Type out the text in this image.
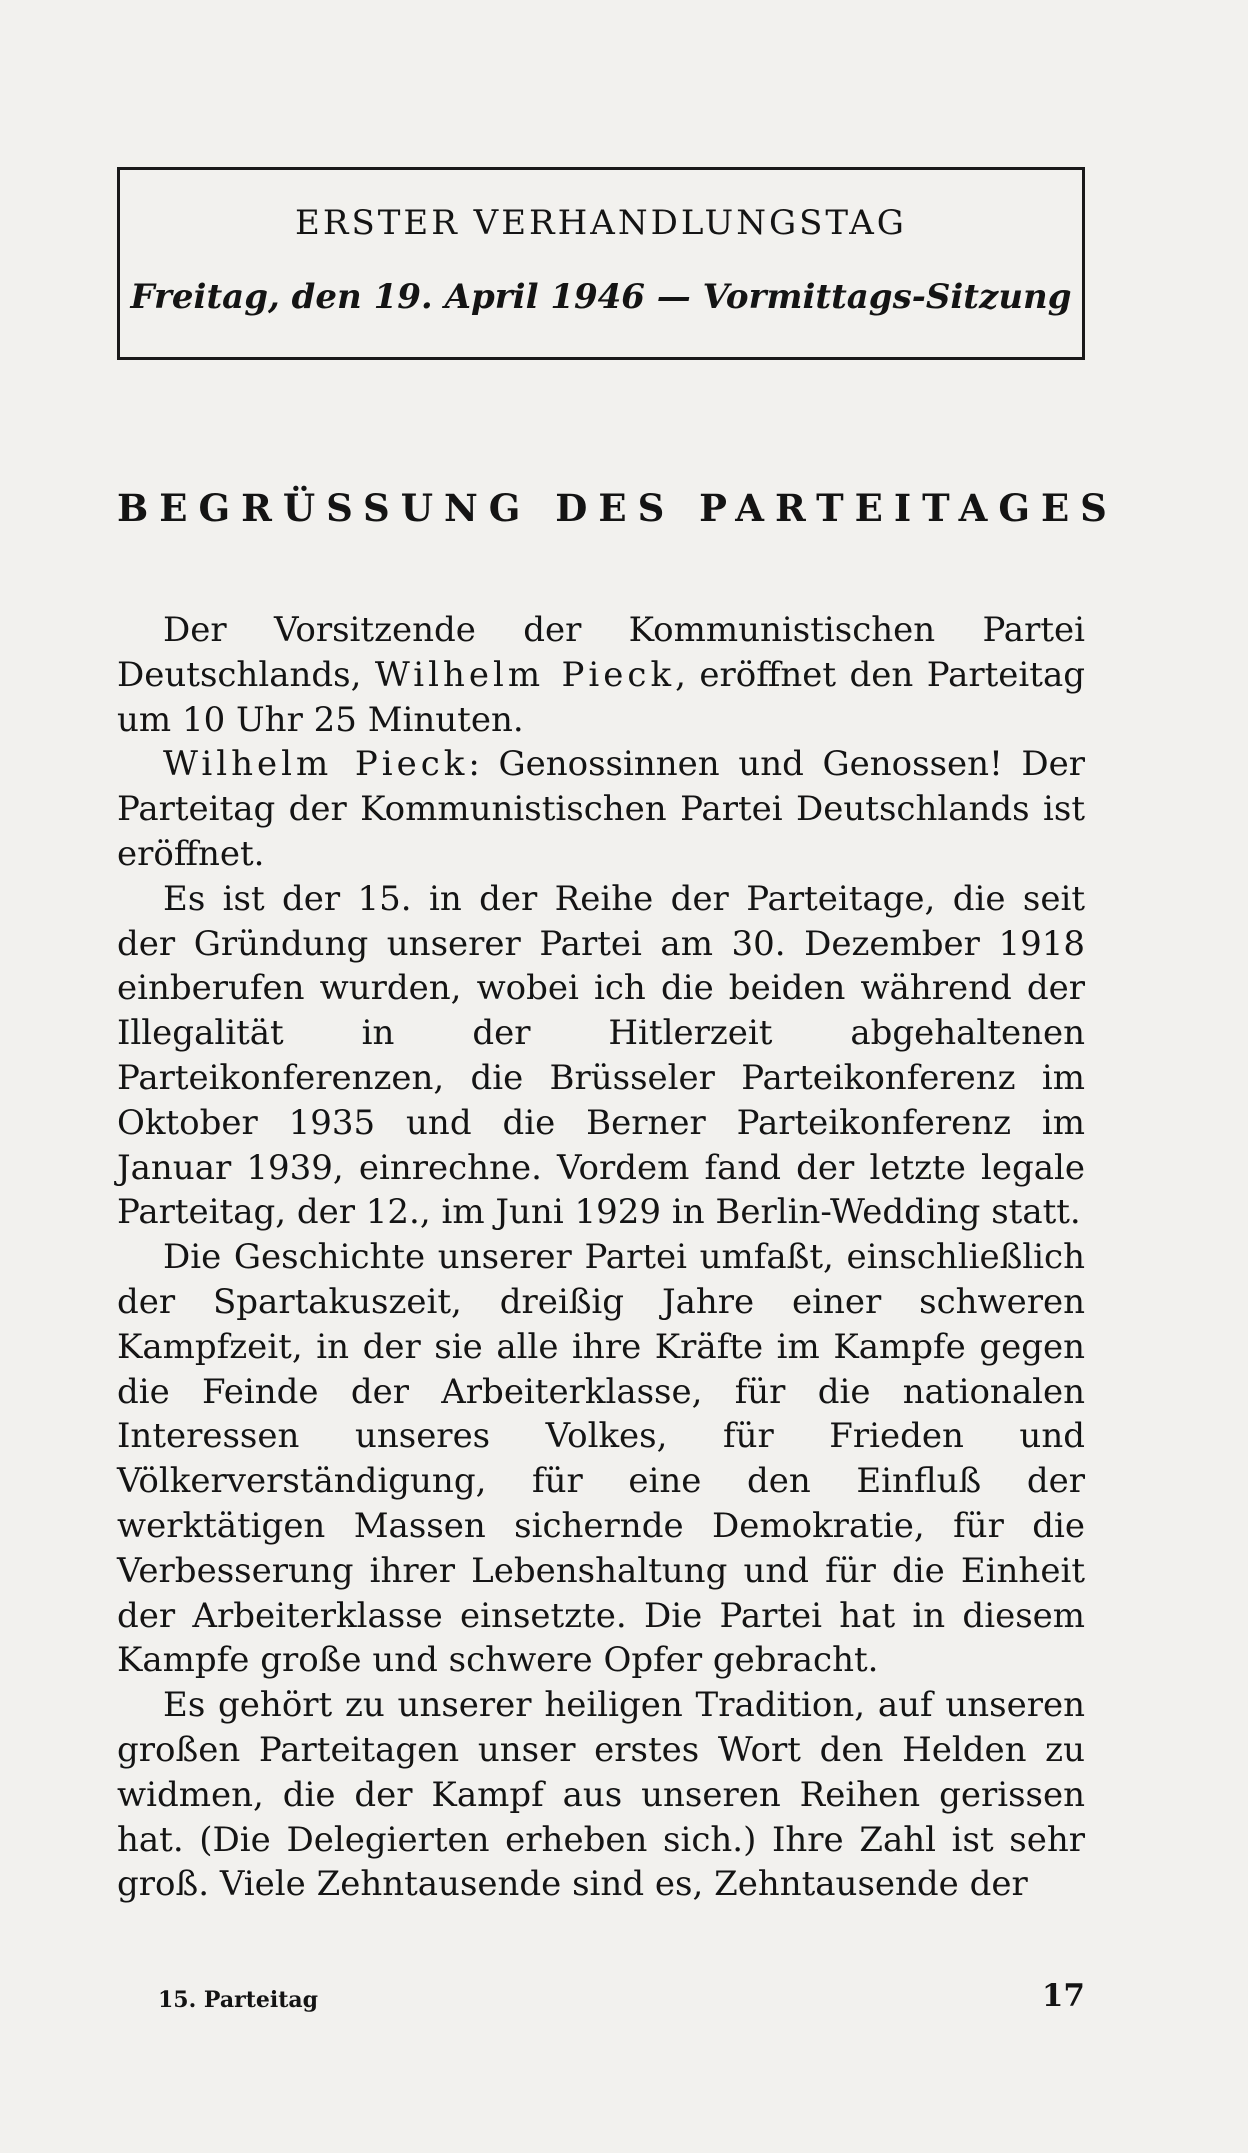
ERSTER VERHANDLUNGSTAG
Freitag, den 19. April 1946 — Vormittags-Sitzung
BEGRÜSSUNG DES PARTEITAGES

Der Vorsitzende der Kommunistischen Partei Deutschlands, Wilhelm Pieck, eröffnet den Parteitag um 10 Uhr 25 Minuten.

Wilhelm Pieck: Genossinnen und Genossen! Der Parteitag der Kommunistischen Partei Deutschlands ist eröffnet.

Es ist der 15. in der Reihe der Parteitage, die seit der Gründung unserer Partei am 30. Dezember 1918 einberufen wurden, wobei ich die beiden während der Illegalität in der Hitlerzeit abgehaltenen Parteikonferenzen, die Brüsseler Parteikonferenz im Oktober 1935 und die Berner Parteikonferenz im Januar 1939, einrechne. Vordem fand der letzte legale Parteitag, der 12., im Juni 1929 in Berlin-Wedding statt.

Die Geschichte unserer Partei umfaßt, einschließlich der Spartakuszeit, dreißig Jahre einer schweren Kampfzeit, in der sie alle ihre Kräfte im Kampfe gegen die Feinde der Arbeiterklasse, für die nationalen Interessen unseres Volkes, für Frieden und Völkerverständigung, für eine den Einfluß der werktätigen Massen sichernde Demokratie, für die Verbesserung ihrer Lebenshaltung und für die Einheit der Arbeiterklasse einsetzte. Die Partei hat in diesem Kampfe große und schwere Opfer gebracht.

Es gehört zu unserer heiligen Tradition, auf unseren großen Parteitagen unser erstes Wort den Helden zu widmen, die der Kampf aus unseren Reihen gerissen hat. (Die Delegierten erheben sich.) Ihre Zahl ist sehr groß. Viele Zehntausende sind es, Zehntausende der

15. Parteitag	17
